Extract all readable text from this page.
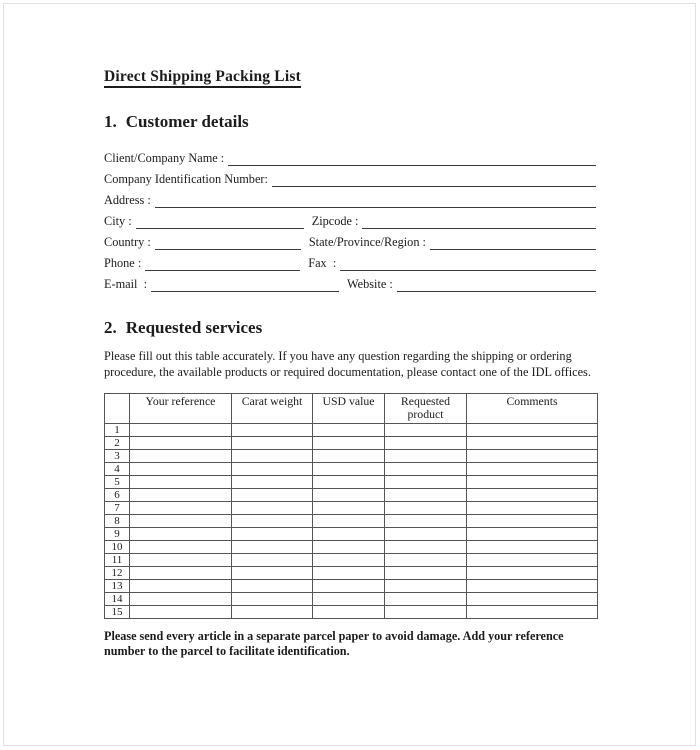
Direct Shipping Packing List
1. Customer details
Client/Company Name :
Company Identification Number:
Address :
City :	Zipcode :
Country :	State/Province/Region :
Phone :	Fax  :
E-mail  :	Website :
2. Requested services

Please fill out this table accurately. If you have any question regarding the shipping or ordering procedure, the available products or required documentation, please contact one of the IDL offices.

	Your reference	Carat weight	USD value	Requested product	Comments
1					
2					
3					
4					
5					
6					
7					
8					
9					
10					
11					
12					
13					
14					
15					

Please send every article in a separate parcel paper to avoid damage. Add your reference number to the parcel to facilitate identification.
